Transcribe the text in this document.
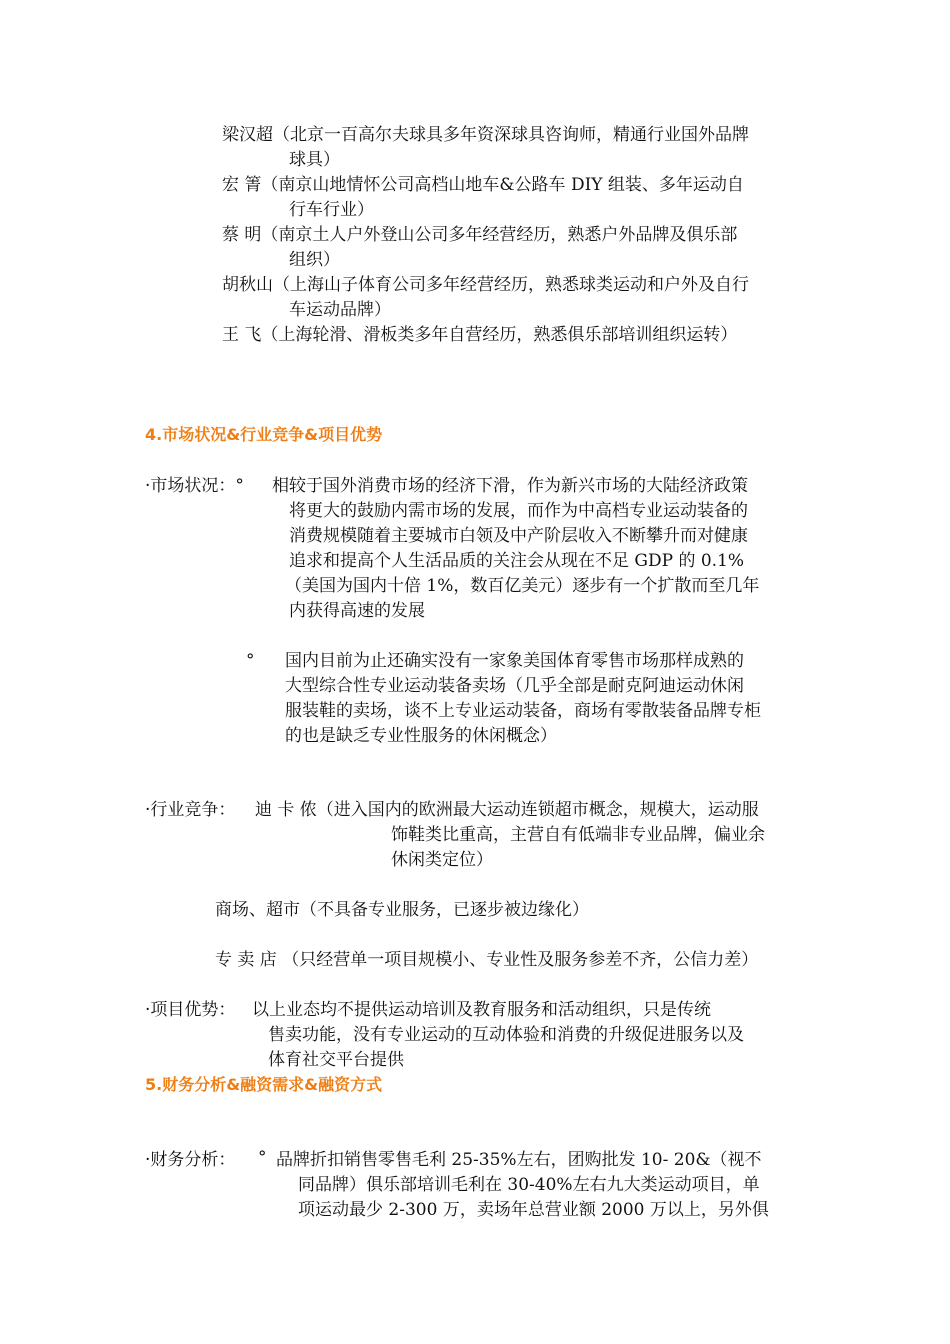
梁汉超（北京一百高尔夫球具多年资深球具咨询师，精通行业国外品牌
球具）
宏 箐（南京山地情怀公司高档山地车&公路车 DIY 组装、多年运动自
行车行业）
蔡 明（南京土人户外登山公司多年经营经历，熟悉户外品牌及俱乐部
组织）
胡秋山（上海山子体育公司多年经营经历，熟悉球类运动和户外及自行
车运动品牌）
王 飞（上海轮滑、滑板类多年自营经历，熟悉俱乐部培训组织运转）
4.市场状况&行业竞争&项目优势
·市场状况：° 相较于国外消费市场的经济下滑，作为新兴市场的大陆经济政策
将更大的鼓励内需市场的发展，而作为中高档专业运动装备的
消费规模随着主要城市白领及中产阶层收入不断攀升而对健康
追求和提高个人生活品质的关注会从现在不足 GDP 的 0.1%
（美国为国内十倍 1%，数百亿美元）逐步有一个扩散而至几年
内获得高速的发展
° 国内目前为止还确实没有一家象美国体育零售市场那样成熟的
大型综合性专业运动装备卖场（几乎全部是耐克阿迪运动休闲
服装鞋的卖场，谈不上专业运动装备，商场有零散装备品牌专柜
的也是缺乏专业性服务的休闲概念）
·行业竞争： 迪 卡 侬（进入国内的欧洲最大运动连锁超市概念，规模大，运动服
饰鞋类比重高，主营自有低端非专业品牌，偏业余
休闲类定位）
商场、超市（不具备专业服务，已逐步被边缘化）
专 卖 店 （只经营单一项目规模小、专业性及服务参差不齐，公信力差）
·项目优势： 以上业态均不提供运动培训及教育服务和活动组织，只是传统
售卖功能，没有专业运动的互动体验和消费的升级促进服务以及
体育社交平台提供
5.财务分析&融资需求&融资方式
·财务分析： ° 品牌折扣销售零售毛利 25-35%左右，团购批发 10- 20&（视不
同品牌）俱乐部培训毛利在 30-40%左右九大类运动项目，单
项运动最少 2-300 万，卖场年总营业额 2000 万以上，另外俱
